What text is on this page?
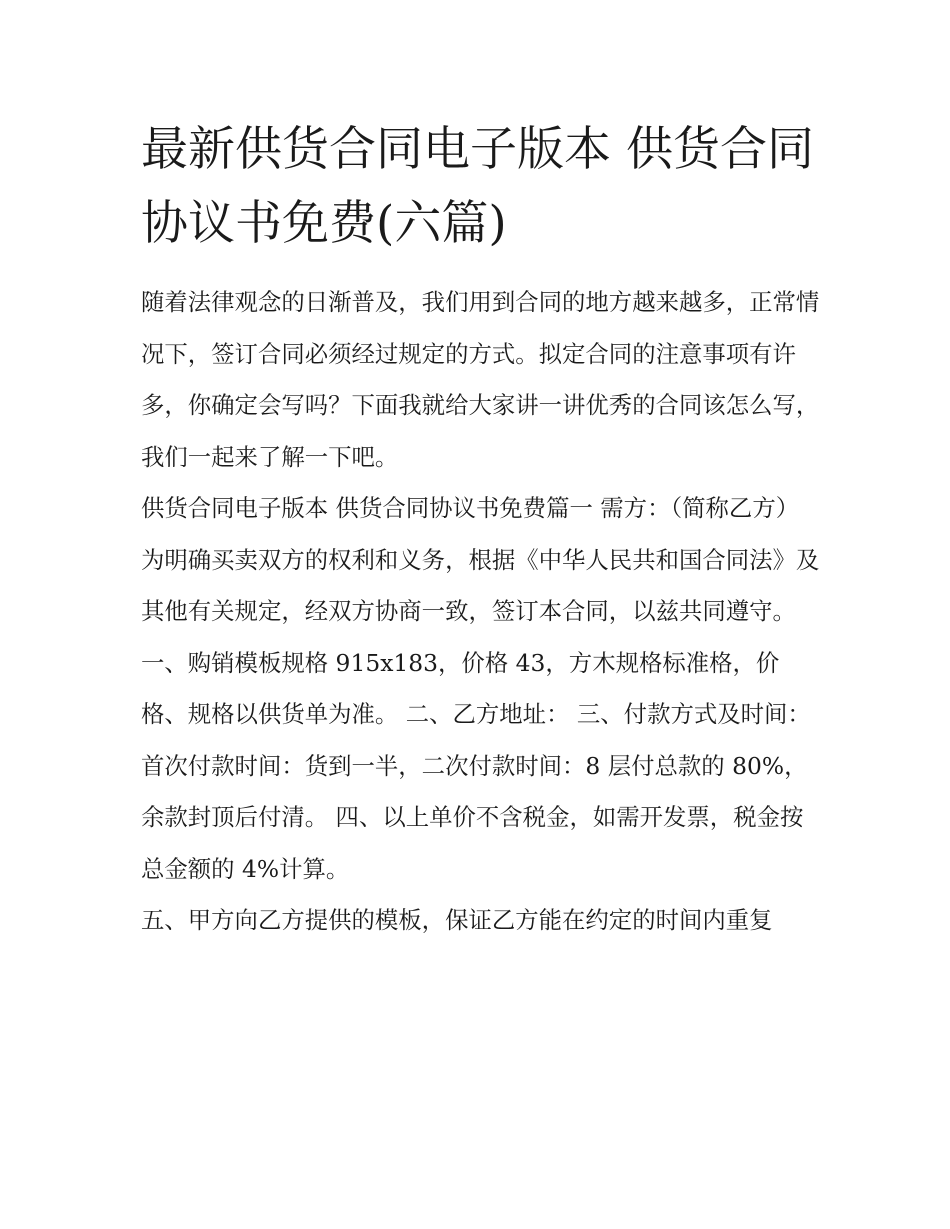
最新供货合同电子版本 供货合同协议书免费(六篇)

随着法律观念的日渐普及，我们用到合同的地方越来越多，正常情况下，签订合同必须经过规定的方式。拟定合同的注意事项有许多，你确定会写吗？下面我就给大家讲一讲优秀的合同该怎么写，我们一起来了解一下吧。

供货合同电子版本 供货合同协议书免费篇一 需方：（简称乙方）

为明确买卖双方的权利和义务，根据《中华人民共和国合同法》及其他有关规定，经双方协商一致，签订本合同，以兹共同遵守。

一、购销模板规格 915x183，价格 43，方木规格标准格，价格、规格以供货单为准。 二、乙方地址： 三、付款方式及时间：

首次付款时间：货到一半，二次付款时间：8 层付总款的 80%，余款封顶后付清。 四、以上单价不含税金，如需开发票，税金按总金额的 4%计算。

五、甲方向乙方提供的模板，保证乙方能在约定的时间内重复
